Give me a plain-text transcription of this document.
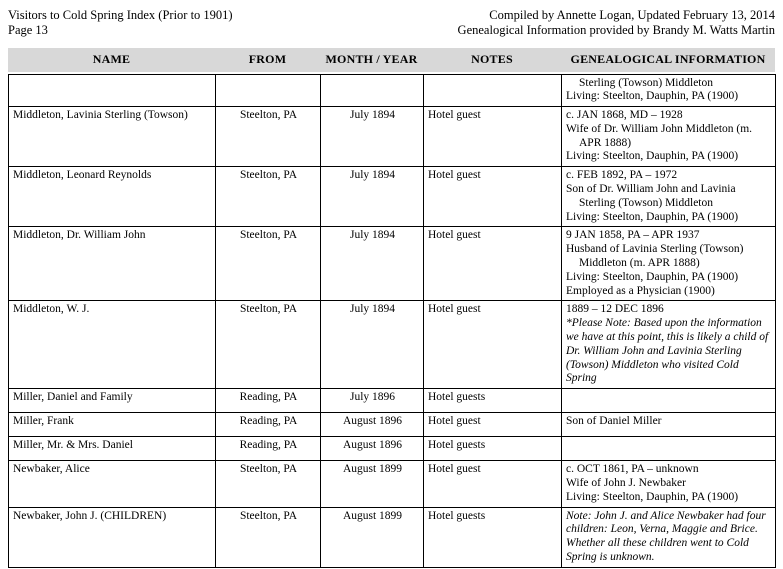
Visitors to Cold Spring Index (Prior to 1901)
Page 13
Compiled by Annette Logan, Updated February 13, 2014
Genealogical Information provided by Brandy M. Watts Martin
NAME	FROM	MONTH / YEAR	NOTES	GENEALOGICAL INFORMATION

				Sterling (Towson) Middleton
Living: Steelton, Dauphin, PA (1900)

Middleton, Lavinia Sterling (Towson)	Steelton, PA	July 1894	Hotel guest	c. JAN 1868, MD – 1928
Wife of Dr. William John Middleton (m.
APR 1888)
Living: Steelton, Dauphin, PA (1900)

Middleton, Leonard Reynolds	Steelton, PA	July 1894	Hotel guest	c. FEB 1892, PA – 1972
Son of Dr. William John and Lavinia
Sterling (Towson) Middleton
Living: Steelton, Dauphin, PA (1900)

Middleton, Dr. William John	Steelton, PA	July 1894	Hotel guest	9 JAN 1858, PA – APR 1937
Husband of Lavinia Sterling (Towson)
Middleton (m. APR 1888)
Living: Steelton, Dauphin, PA (1900)
Employed as a Physician (1900)

Middleton, W. J.	Steelton, PA	July 1894	Hotel guest	1889 – 12 DEC 1896
*Please Note: Based upon the information we have at this point, this is likely a child of Dr. William John and Lavinia Sterling (Towson) Middleton who visited Cold Spring

Miller, Daniel and Family	Reading, PA	July 1896	Hotel guests	
Miller, Frank	Reading, PA	August 1896	Hotel guest	Son of Daniel Miller

Miller, Mr. & Mrs. Daniel	Reading, PA	August 1896	Hotel guests	
Newbaker, Alice	Steelton, PA	August 1899	Hotel guest	c. OCT 1861, PA – unknown
Wife of John J. Newbaker
Living: Steelton, Dauphin, PA (1900)

Newbaker, John J. (CHILDREN)	Steelton, PA	August 1899	Hotel guests	Note: John J. and Alice Newbaker had four children: Leon, Verna, Maggie and Brice. Whether all these children went to Cold Spring is unknown.
